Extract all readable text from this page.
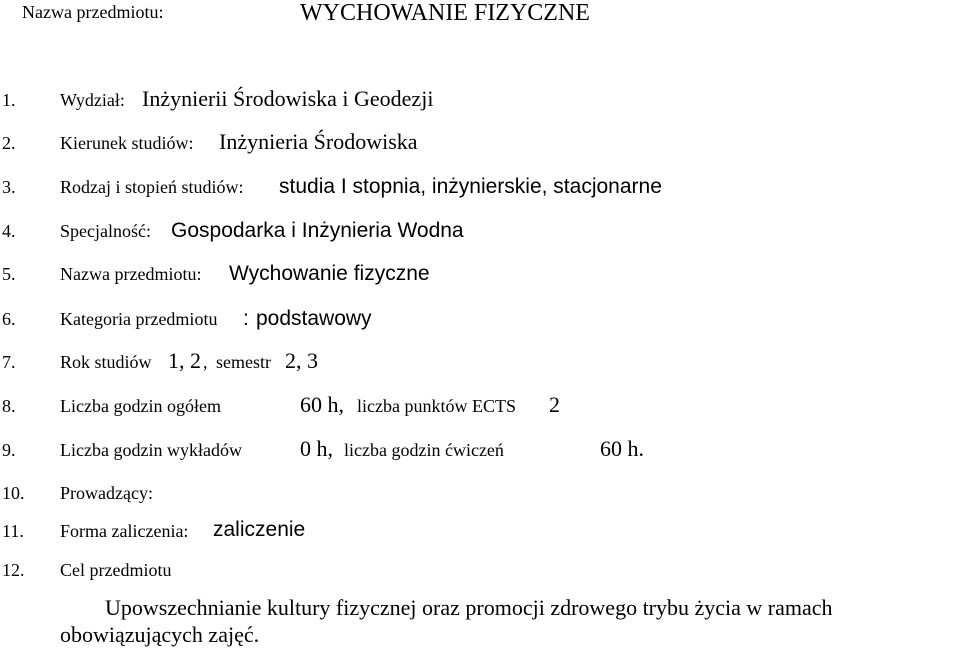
Nazwa przedmiotu:	WYCHOWANIE FIZYCZNE
1. Wydział: Inżynierii Środowiska i Geodezji
2. Kierunek studiów: Inżynieria Środowiska
3. Rodzaj i stopień studiów: studia I stopnia, inżynierskie, stacjonarne
4. Specjalność: Gospodarka i Inżynieria Wodna
5. Nazwa przedmiotu: Wychowanie fizyczne
6. Kategoria przedmiotu : podstawowy
7. Rok studiów 1, 2 , semestr 2, 3
8. Liczba godzin ogółem	60 h, liczba punktów ECTS 2
9. Liczba godzin wykładów	0 h, liczba godzin ćwiczeń	60 h.
10. Prowadzący:
11. Forma zaliczenia: zaliczenie
12. Cel przedmiotu
Upowszechnianie kultury fizycznej oraz promocji zdrowego trybu życia w ramach
obowiązujących zajęć.
